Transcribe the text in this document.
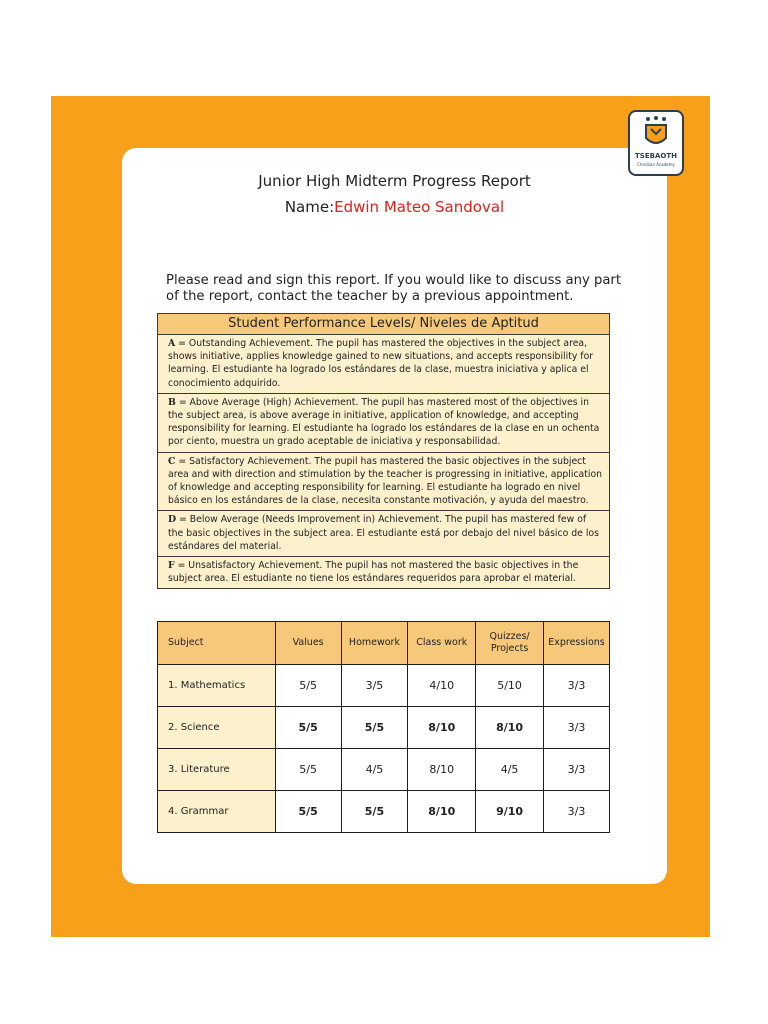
TSEBAOTH
Christian Academy
Junior High Midterm Progress Report
Name:Edwin Mateo Sandoval
Please read and sign this report. If you would like to discuss any part of the report, contact the teacher by a previous appointment.
Student Performance Levels/ Niveles de Aptitud
A = Outstanding Achievement. The pupil has mastered the objectives in the subject area, shows initiative, applies knowledge gained to new situations, and accepts responsibility for learning. El estudiante ha logrado los estándares de la clase, muestra iniciativa y aplica el conocimiento adquirido.
B = Above Average (High) Achievement. The pupil has mastered most of the objectives in the subject area, is above average in initiative, application of knowledge, and accepting responsibility for learning. El estudiante ha logrado los estándares de la clase en un ochenta por ciento, muestra un grado aceptable de iniciativa y responsabilidad.
C = Satisfactory Achievement. The pupil has mastered the basic objectives in the subject area and with direction and stimulation by the teacher is progressing in initiative, application of knowledge and accepting responsibility for learning. El estudiante ha logrado en nivel básico en los estándares de la clase, necesita constante motivación, y ayuda del maestro.
D = Below Average (Needs Improvement in) Achievement. The pupil has mastered few of the basic objectives in the subject area. El estudiante está por debajo del nivel básico de los estándares del material.
F = Unsatisfactory Achievement. The pupil has not mastered the basic objectives in the subject area. El estudiante no tiene los estándares requeridos para aprobar el material.
Subject	Values	Homework	Class work	Quizzes/ Projects	Expressions
1. Mathematics	5/5	3/5	4/10	5/10	3/3
2. Science	5/5	5/5	8/10	8/10	3/3
3. Literature	5/5	4/5	8/10	4/5	3/3
4. Grammar	5/5	5/5	8/10	9/10	3/3
